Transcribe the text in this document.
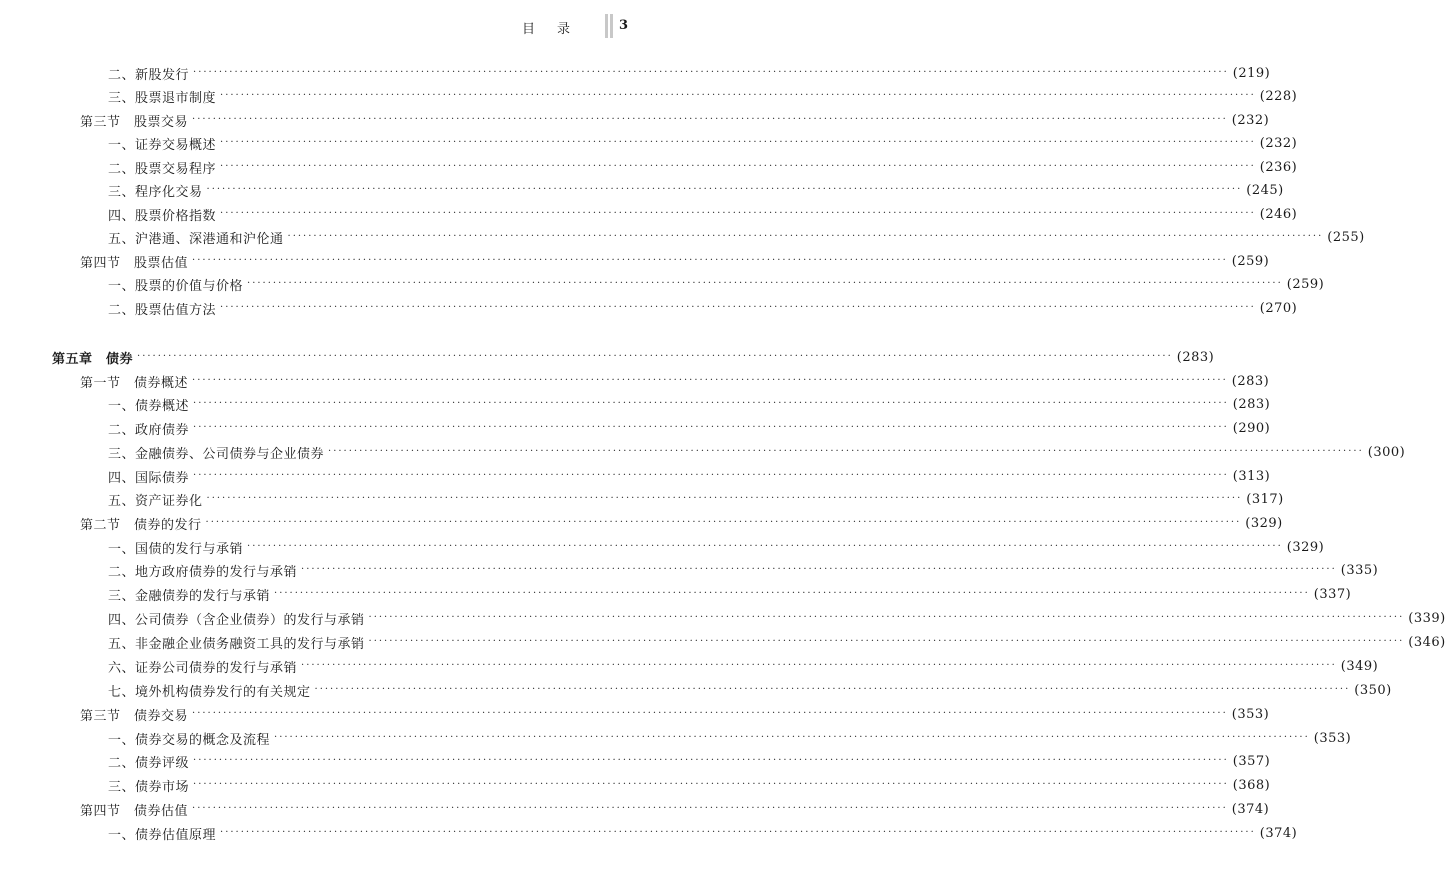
目录 3
二、新股发行 ········································································································································································································ (219)
三、股票退市制度 ········································································································································································································ (228)
第三节　股票交易 ········································································································································································································ (232)
一、证券交易概述 ········································································································································································································ (232)
二、股票交易程序 ········································································································································································································ (236)
三、程序化交易 ········································································································································································································ (245)
四、股票价格指数 ········································································································································································································ (246)
五、沪港通、深港通和沪伦通 ········································································································································································································ (255)
第四节　股票估值 ········································································································································································································ (259)
一、股票的价值与价格 ········································································································································································································ (259)
二、股票估值方法 ········································································································································································································ (270)
第五章　债券 ········································································································································································································ (283)
第一节　债券概述 ········································································································································································································ (283)
一、债券概述 ········································································································································································································ (283)
二、政府债券 ········································································································································································································ (290)
三、金融债券、公司债券与企业债券 ········································································································································································································ (300)
四、国际债券 ········································································································································································································ (313)
五、资产证券化 ········································································································································································································ (317)
第二节　债券的发行 ········································································································································································································ (329)
一、国债的发行与承销 ········································································································································································································ (329)
二、地方政府债券的发行与承销 ········································································································································································································ (335)
三、金融债券的发行与承销 ········································································································································································································ (337)
四、公司债券（含企业债券）的发行与承销 ········································································································································································································ (339)
五、非金融企业债务融资工具的发行与承销 ········································································································································································································ (346)
六、证券公司债券的发行与承销 ········································································································································································································ (349)
七、境外机构债券发行的有关规定 ········································································································································································································ (350)
第三节　债券交易 ········································································································································································································ (353)
一、债券交易的概念及流程 ········································································································································································································ (353)
二、债券评级 ········································································································································································································ (357)
三、债券市场 ········································································································································································································ (368)
第四节　债券估值 ········································································································································································································ (374)
一、债券估值原理 ········································································································································································································ (374)
